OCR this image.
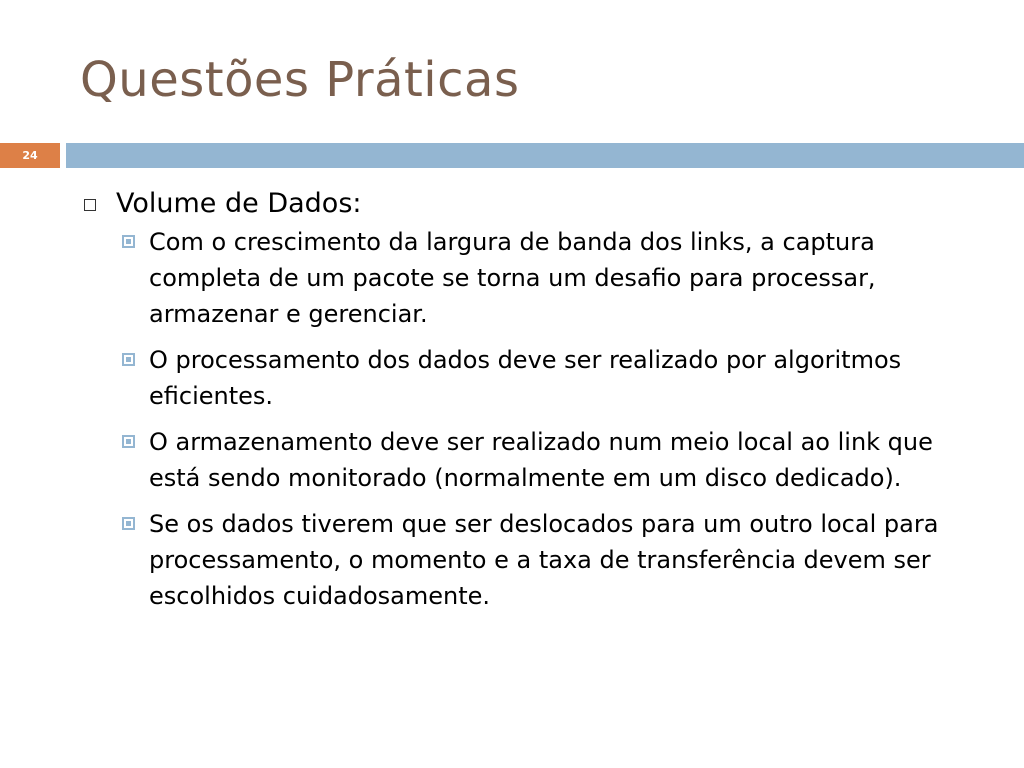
Questões Práticas
24
Volume de Dados:
Com o crescimento da largura de banda dos links, a captura completa de um pacote se torna um desafio para processar, armazenar e gerenciar.
O processamento dos dados deve ser realizado por algoritmos eficientes.
O armazenamento deve ser realizado num meio local ao link que está sendo monitorado (normalmente em um disco dedicado).
Se os dados tiverem que ser deslocados para um outro local para processamento, o momento e a taxa de transferência devem ser escolhidos cuidadosamente.
